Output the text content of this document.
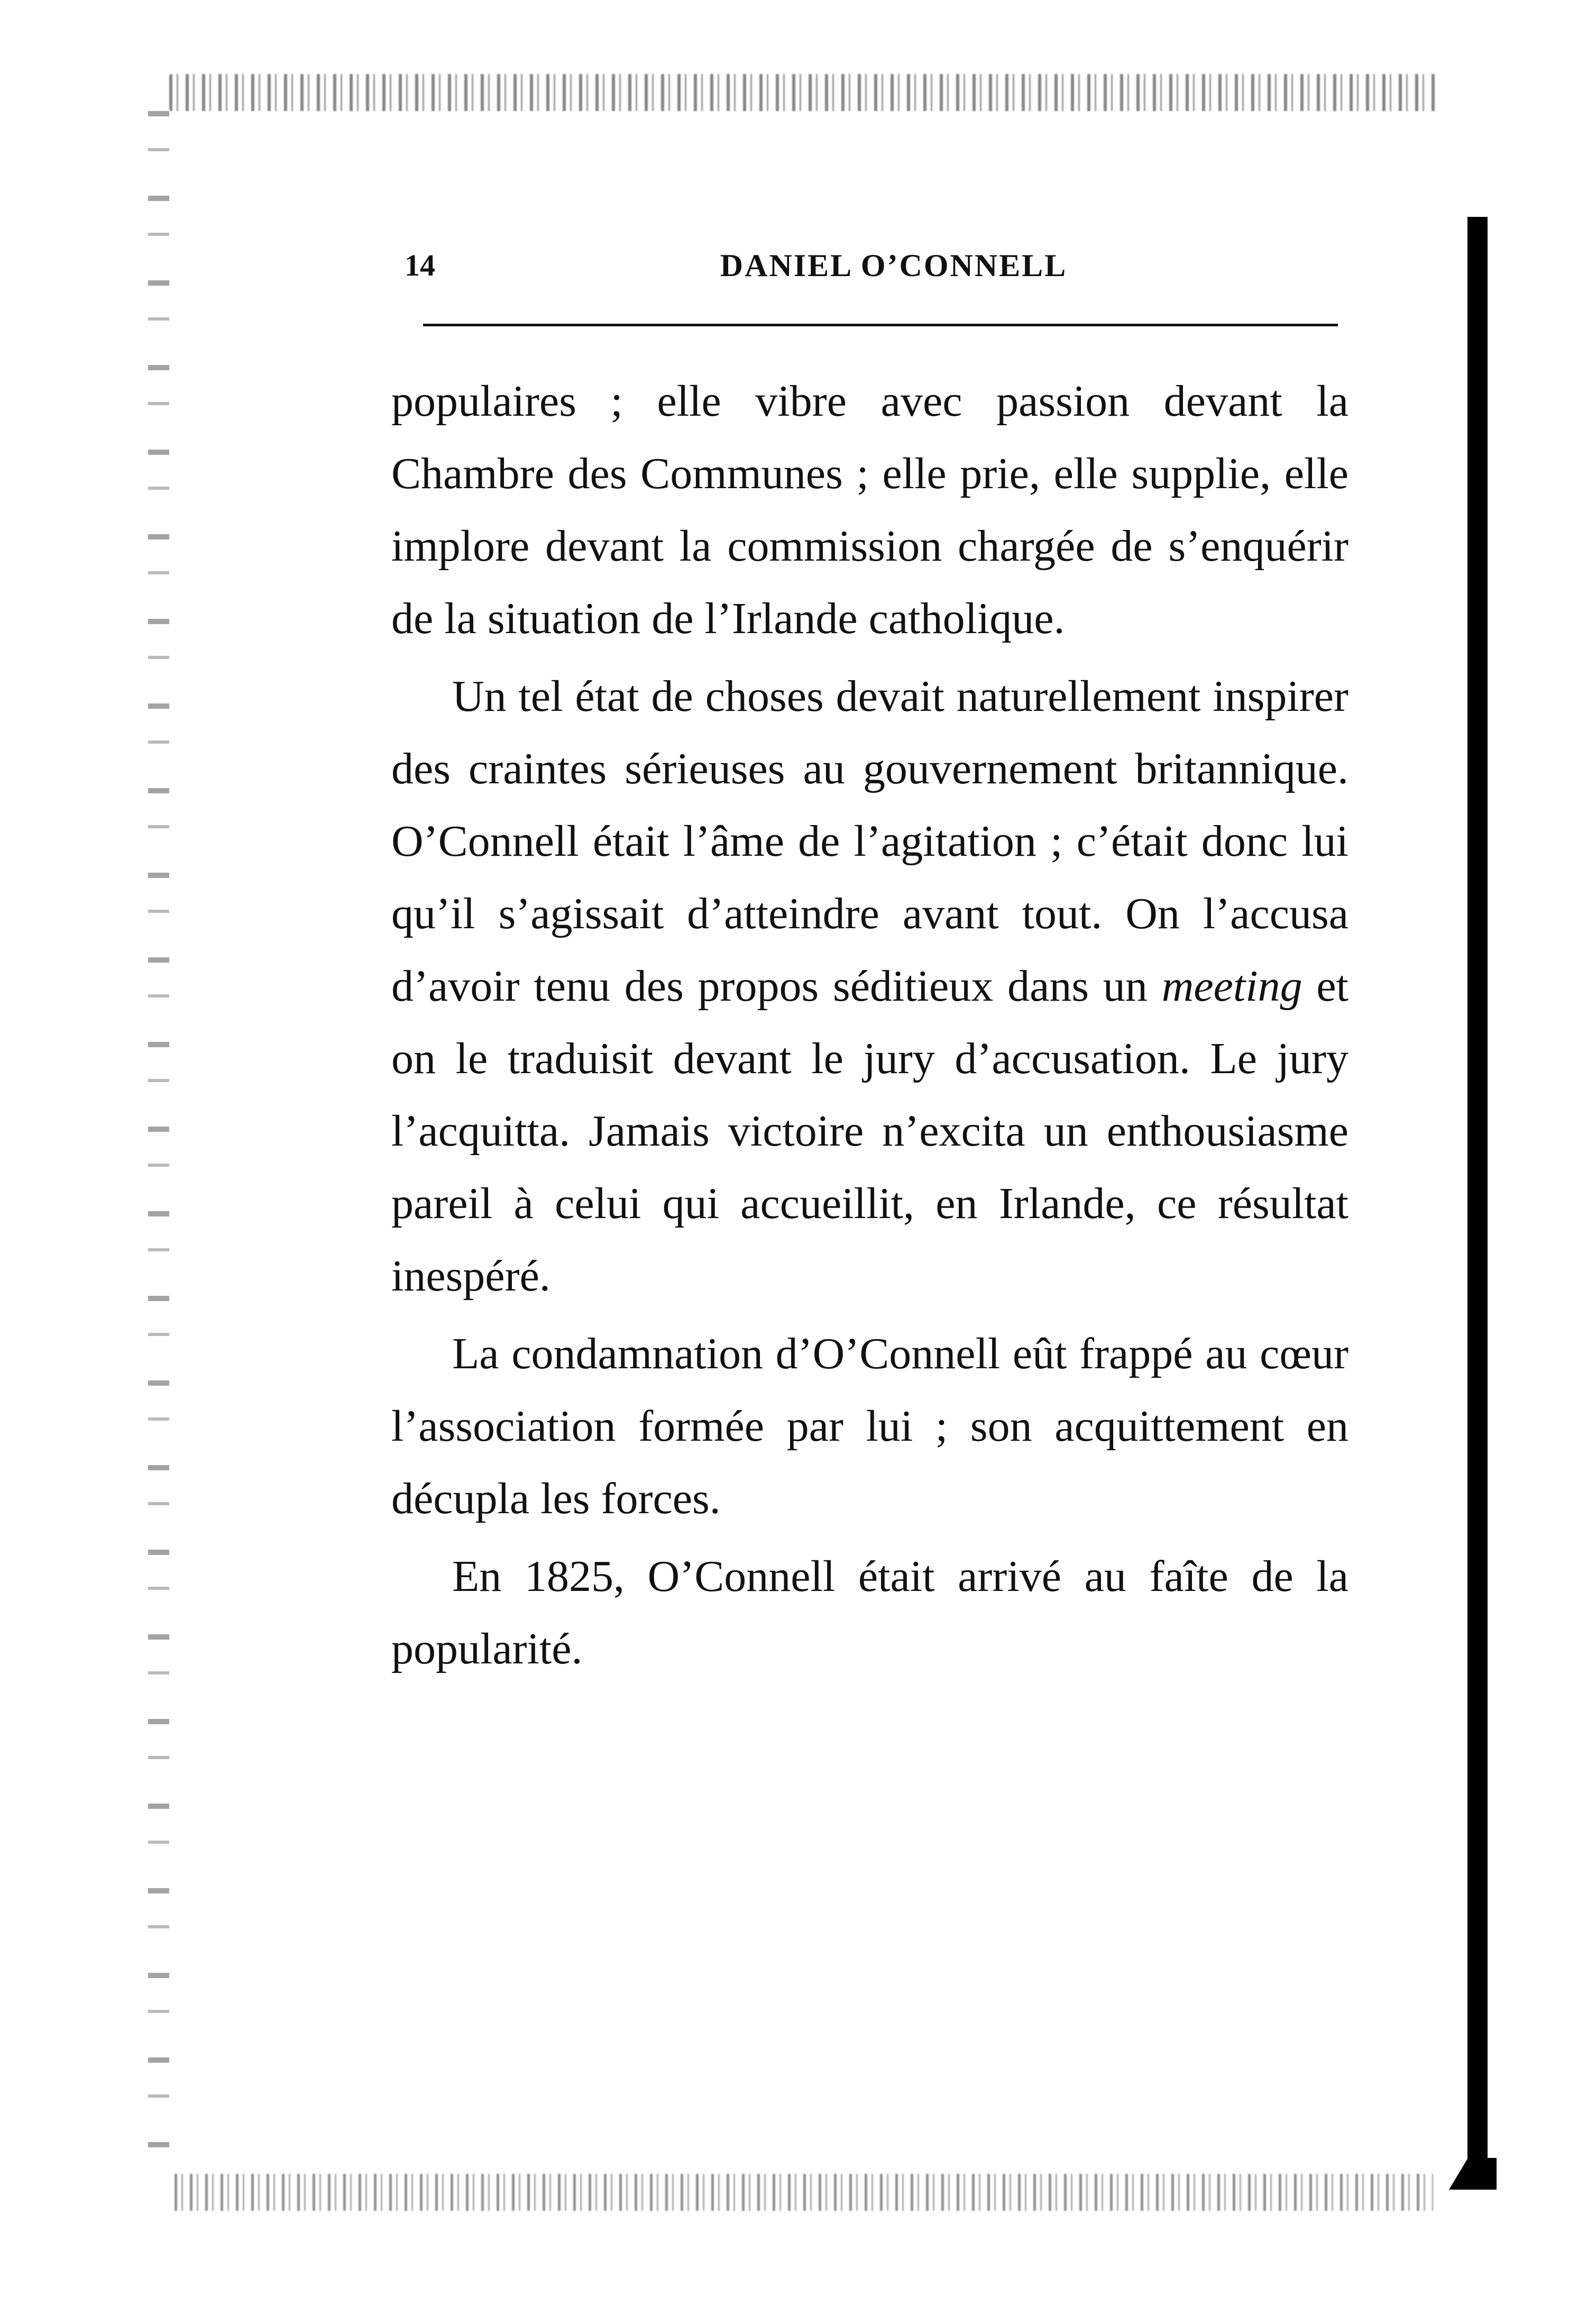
14	DANIEL O’CONNELL

populaires ; elle vibre avec passion devant la Chambre des Communes ; elle prie, elle supplie, elle implore devant la commission chargée de s’enquérir de la situation de l’Irlande catholique.

Un tel état de choses devait naturellement inspirer des craintes sérieuses au gouvernement britannique. O’Connell était l’âme de l’agitation ; c’était donc lui qu’il s’agissait d’atteindre avant tout. On l’accusa d’avoir tenu des propos séditieux dans un meeting et on le traduisit devant le jury d’accusation. Le jury l’acquitta. Jamais victoire n’excita un enthousiasme pareil à celui qui accueillit, en Irlande, ce résultat inespéré.

La condamnation d’O’Connell eût frappé au cœur l’association formée par lui ; son acquittement en décupla les forces.

En 1825, O’Connell était arrivé au faîte de la popularité.
